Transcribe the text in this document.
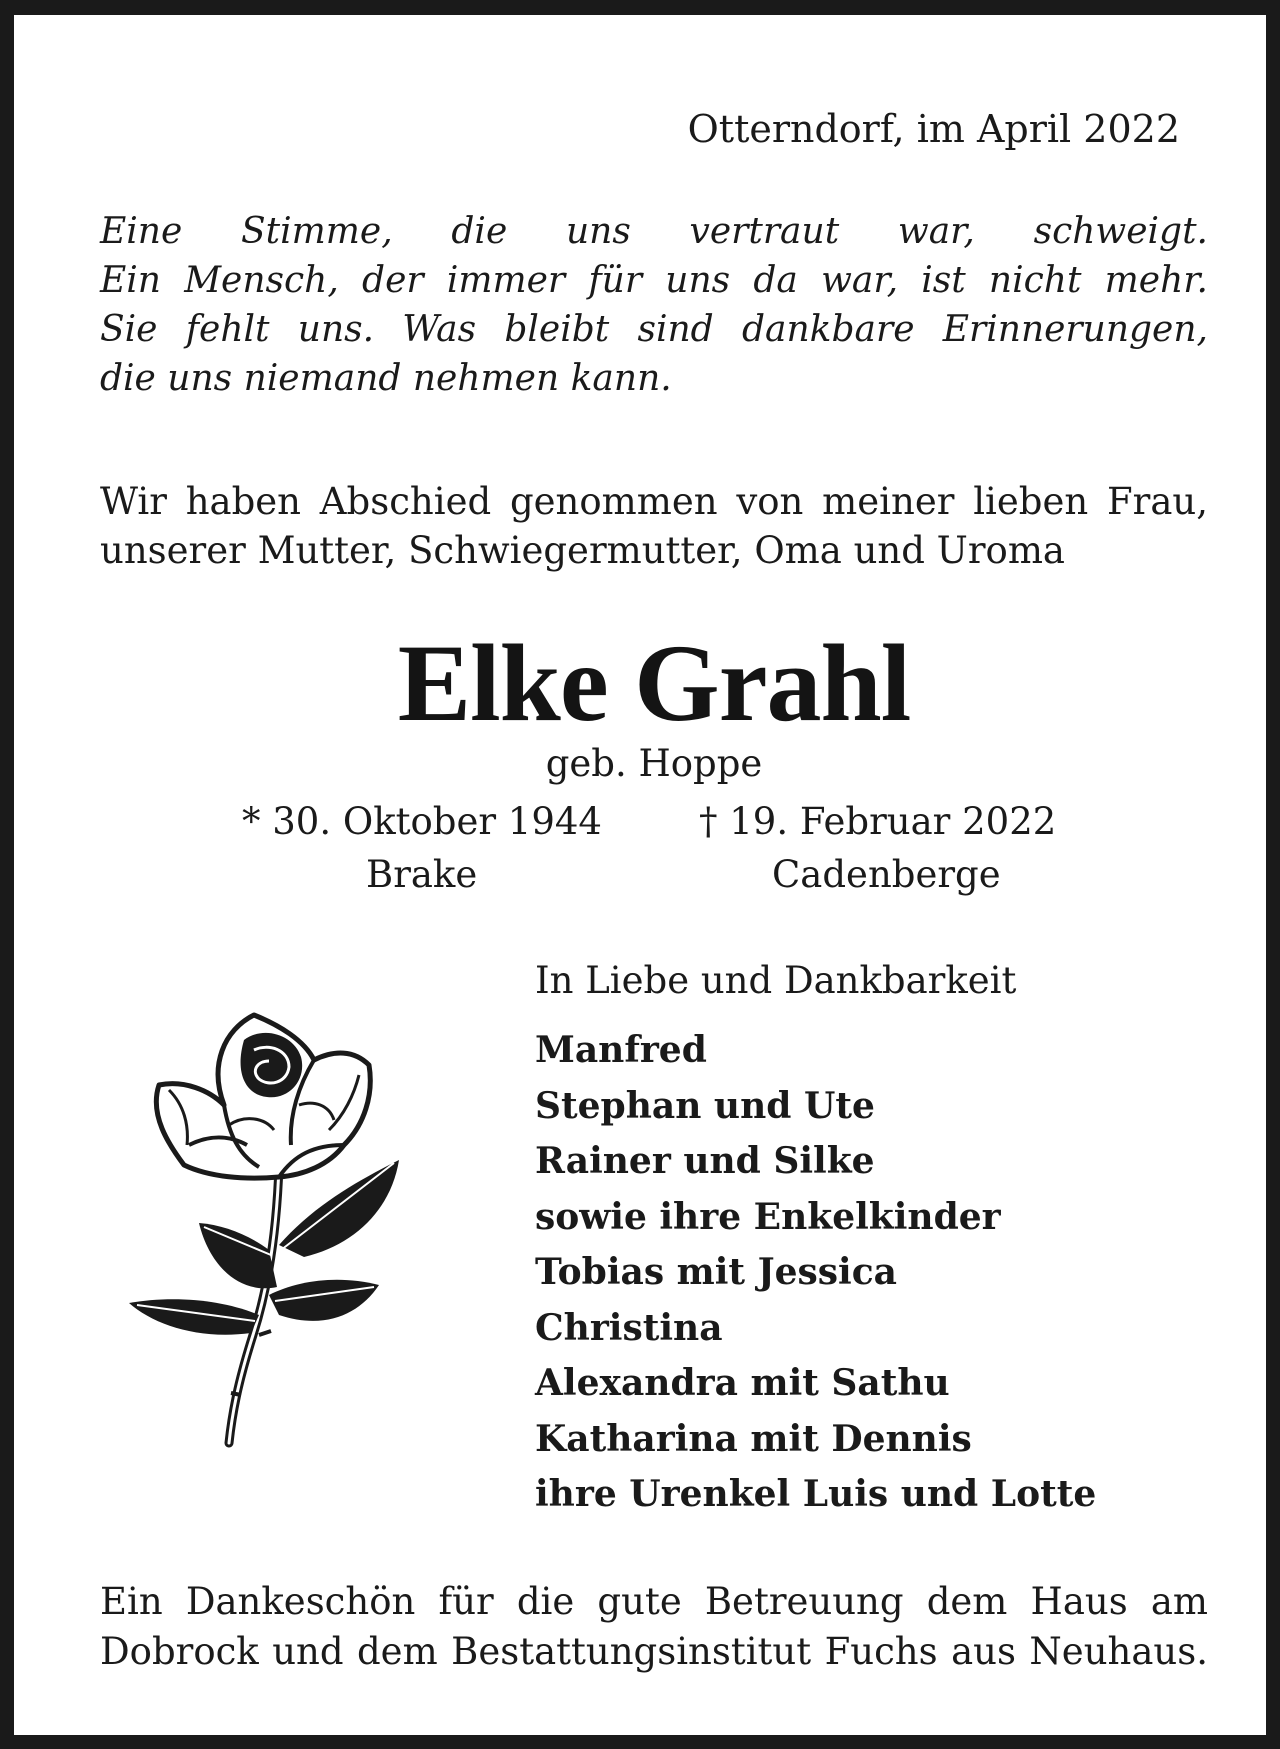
Otterndorf, im April 2022

Eine Stimme, die uns vertraut war, schweigt.
Ein Mensch, der immer für uns da war, ist nicht mehr.
Sie fehlt uns. Was bleibt sind dankbare Erinnerungen,
die uns niemand nehmen kann.
Wir haben Abschied genommen von meiner lieben Frau,
unserer Mutter, Schwiegermutter, Oma und Uroma
Elke Grahl
geb. Hoppe
* 30. Oktober 1944	† 19. Februar 2022
Brake	Cadenberge
In Liebe und Dankbarkeit
Manfred
Stephan und Ute
Rainer und Silke
sowie ihre Enkelkinder
Tobias mit Jessica
Christina
Alexandra mit Sathu
Katharina mit Dennis
ihre Urenkel Luis und Lotte
Ein Dankeschön für die gute Betreuung dem Haus am
Dobrock und dem Bestattungsinstitut Fuchs aus Neuhaus.
